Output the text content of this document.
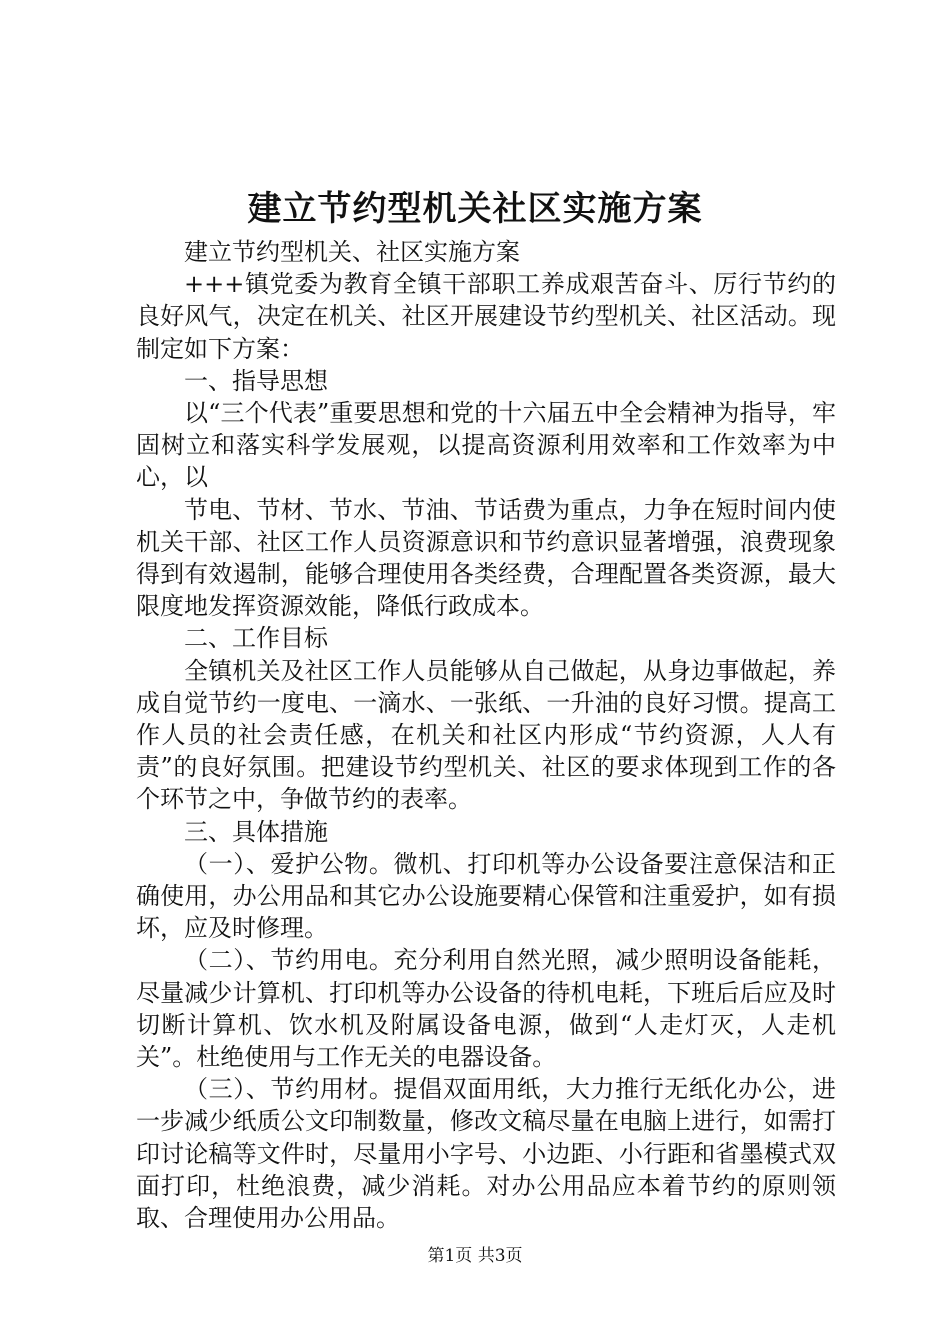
建立节约型机关社区实施方案

建立节约型机关、社区实施方案

+++镇党委为教育全镇干部职工养成艰苦奋斗、厉行节约的良好风气，决定在机关、社区开展建设节约型机关、社区活动。现制定如下方案：

一、指导思想

以“三个代表”重要思想和党的十六届五中全会精神为指导，牢固树立和落实科学发展观，以提高资源利用效率和工作效率为中心，以

节电、节材、节水、节油、节话费为重点，力争在短时间内使机关干部、社区工作人员资源意识和节约意识显著增强，浪费现象得到有效遏制，能够合理使用各类经费，合理配置各类资源，最大限度地发挥资源效能，降低行政成本。

二、工作目标

全镇机关及社区工作人员能够从自己做起，从身边事做起，养成自觉节约一度电、一滴水、一张纸、一升油的良好习惯。提高工作人员的社会责任感，在机关和社区内形成“节约资源，人人有责”的良好氛围。把建设节约型机关、社区的要求体现到工作的各个环节之中，争做节约的表率。

三、具体措施

（一）、爱护公物。微机、打印机等办公设备要注意保洁和正确使用，办公用品和其它办公设施要精心保管和注重爱护，如有损坏，应及时修理。

（二）、节约用电。充分利用自然光照，减少照明设备能耗，尽量减少计算机、打印机等办公设备的待机电耗，下班后后应及时切断计算机、饮水机及附属设备电源，做到“人走灯灭，人走机关”。杜绝使用与工作无关的电器设备。

（三）、节约用材。提倡双面用纸，大力推行无纸化办公，进一步减少纸质公文印制数量，修改文稿尽量在电脑上进行，如需打印讨论稿等文件时，尽量用小字号、小边距、小行距和省墨模式双面打印，杜绝浪费，减少消耗。对办公用品应本着节约的原则领取、合理使用办公用品。

第1页 共3页
